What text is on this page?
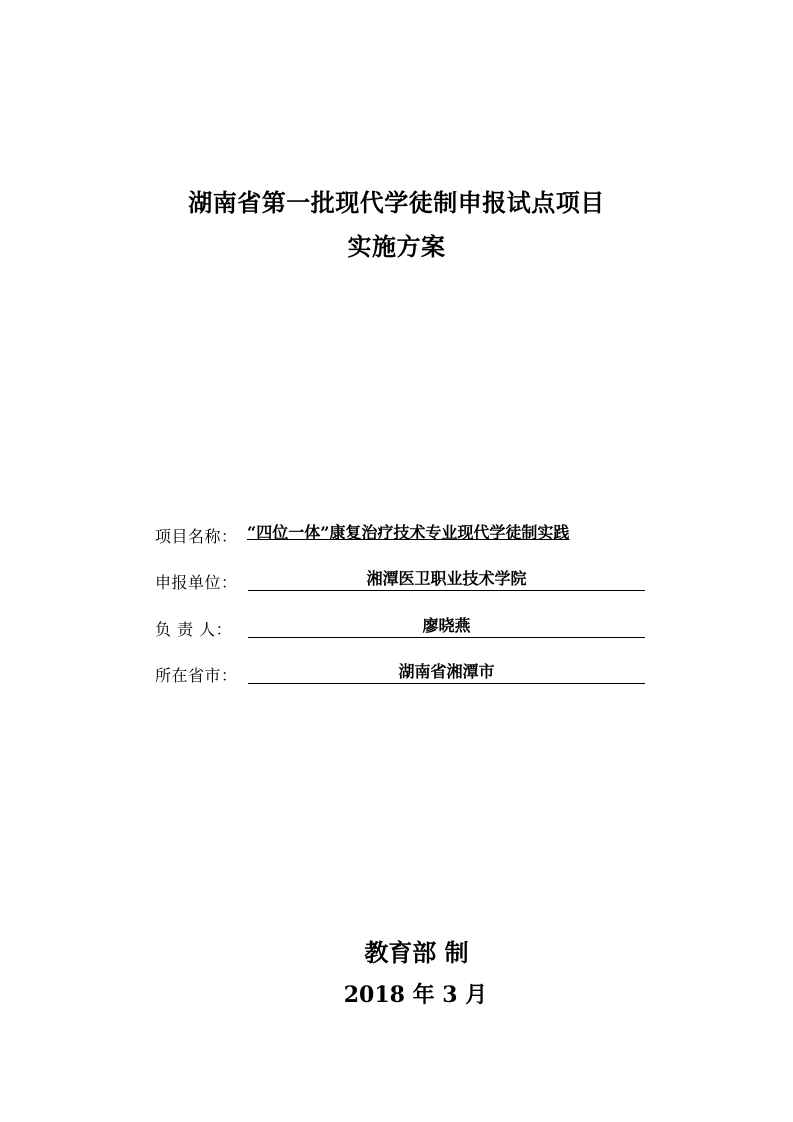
湖南省第一批现代学徒制申报试点项目
实施方案
项目名称： “四位一体”康复治疗技术专业现代学徒制实践
申报单位：	湘潭医卫职业技术学院
负 责 人：	廖晓燕
所在省市：	湖南省湘潭市
教育部 制
2018 年 3 月
